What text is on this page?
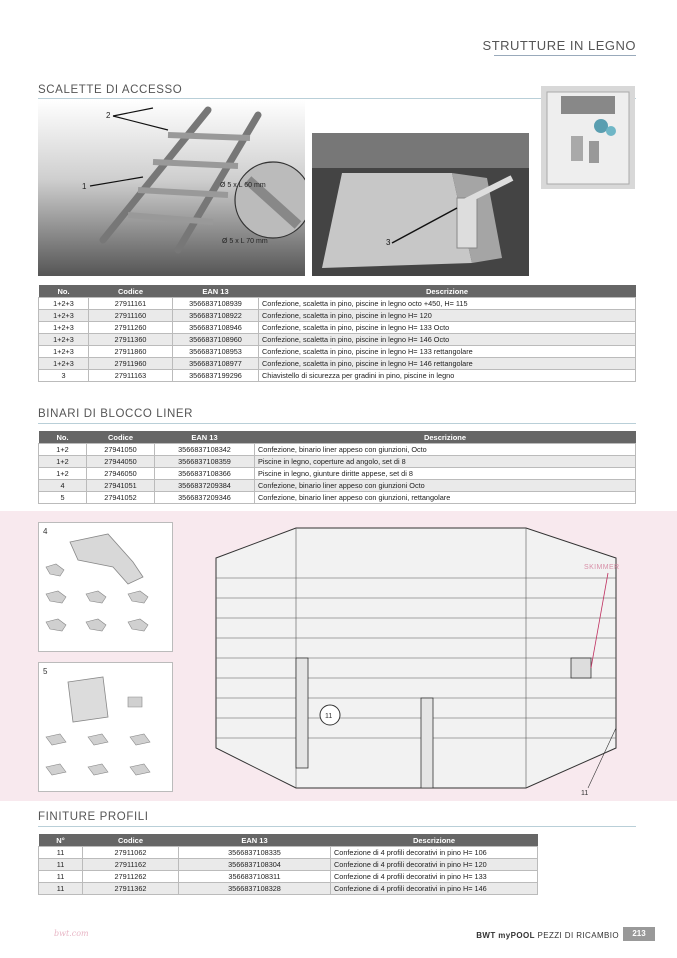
STRUTTURE IN LEGNO
SCALETTE DI ACCESSO
Ø 5 x L 60 mm
Ø 5 x L 70 mm
2
1
3
No.	Codice	EAN 13	Descrizione
1+2+3	27911161	3566837108939	Confezione, scaletta in pino, piscine in legno octo +450, H= 115
1+2+3	27911160	3566837108922	Confezione, scaletta in pino, piscine in legno H= 120
1+2+3	27911260	3566837108946	Confezione, scaletta in pino, piscine in legno H= 133 Octo
1+2+3	27911360	3566837108960	Confezione, scaletta in pino, piscine in legno H= 146 Octo
1+2+3	27911860	3566837108953	Confezione, scaletta in pino, piscine in legno H= 133 rettangolare
1+2+3	27911960	3566837108977	Confezione, scaletta in pino, piscine in legno H= 146 rettangolare
3	27911163	3566837199296	Chiavistello di sicurezza per gradini in pino, piscine in legno
BINARI DI BLOCCO LINER
No.	Codice	EAN 13	Descrizione
1+2	27941050	3566837108342	Confezione, binario liner appeso con giunzioni, Octo
1+2	27944050	3566837108359	Piscine in legno, coperture ad angolo, set di 8
1+2	27946050	3566837108366	Piscine in legno, giunture diritte appese, set di 8
4	27941051	3566837209384	Confezione, binario liner appeso con giunzioni Octo
5	27941052	3566837209346	Confezione, binario liner appeso con giunzioni, rettangolare
4
5
11
SKIMMER
11
FINITURE PROFILI
N°	Codice	EAN 13	Descrizione
11	27911062	3566837108335	Confezione di 4 profili decorativi in pino H= 106
11	27911162	3566837108304	Confezione di 4 profili decorativi in pino H= 120
11	27911262	3566837108311	Confezione di 4 profili decorativi in pino H= 133
11	27911362	3566837108328	Confezione di 4 profili decorativi in pino H= 146
bwt.com	BWT myPOOL PEZZI DI RICAMBIO	213
